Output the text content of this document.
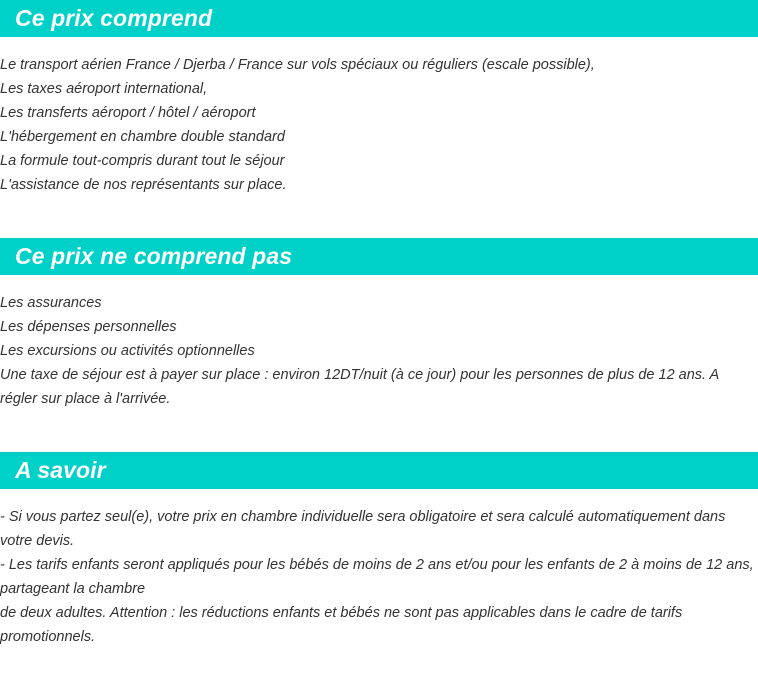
Ce prix comprend
Le transport aérien France / Djerba / France sur vols spéciaux ou réguliers (escale possible),
Les taxes aéroport international,
Les transferts aéroport / hôtel / aéroport
L'hébergement en chambre double standard
La formule tout-compris durant tout le séjour
L'assistance de nos représentants sur place.
Ce prix ne comprend pas
Les assurances
Les dépenses personnelles
Les excursions ou activités optionnelles
Une taxe de séjour est à payer sur place : environ 12DT/nuit (à ce jour) pour les personnes de plus de 12 ans. A régler sur place à l'arrivée.
A savoir
- Si vous partez seul(e), votre prix en chambre individuelle sera obligatoire et sera calculé automatiquement dans votre devis.
- Les tarifs enfants seront appliqués pour les bébés de moins de 2 ans et/ou pour les enfants de 2 à moins de 12 ans, partageant la chambre
de deux adultes. Attention : les réductions enfants et bébés ne sont pas applicables dans le cadre de tarifs promotionnels.
